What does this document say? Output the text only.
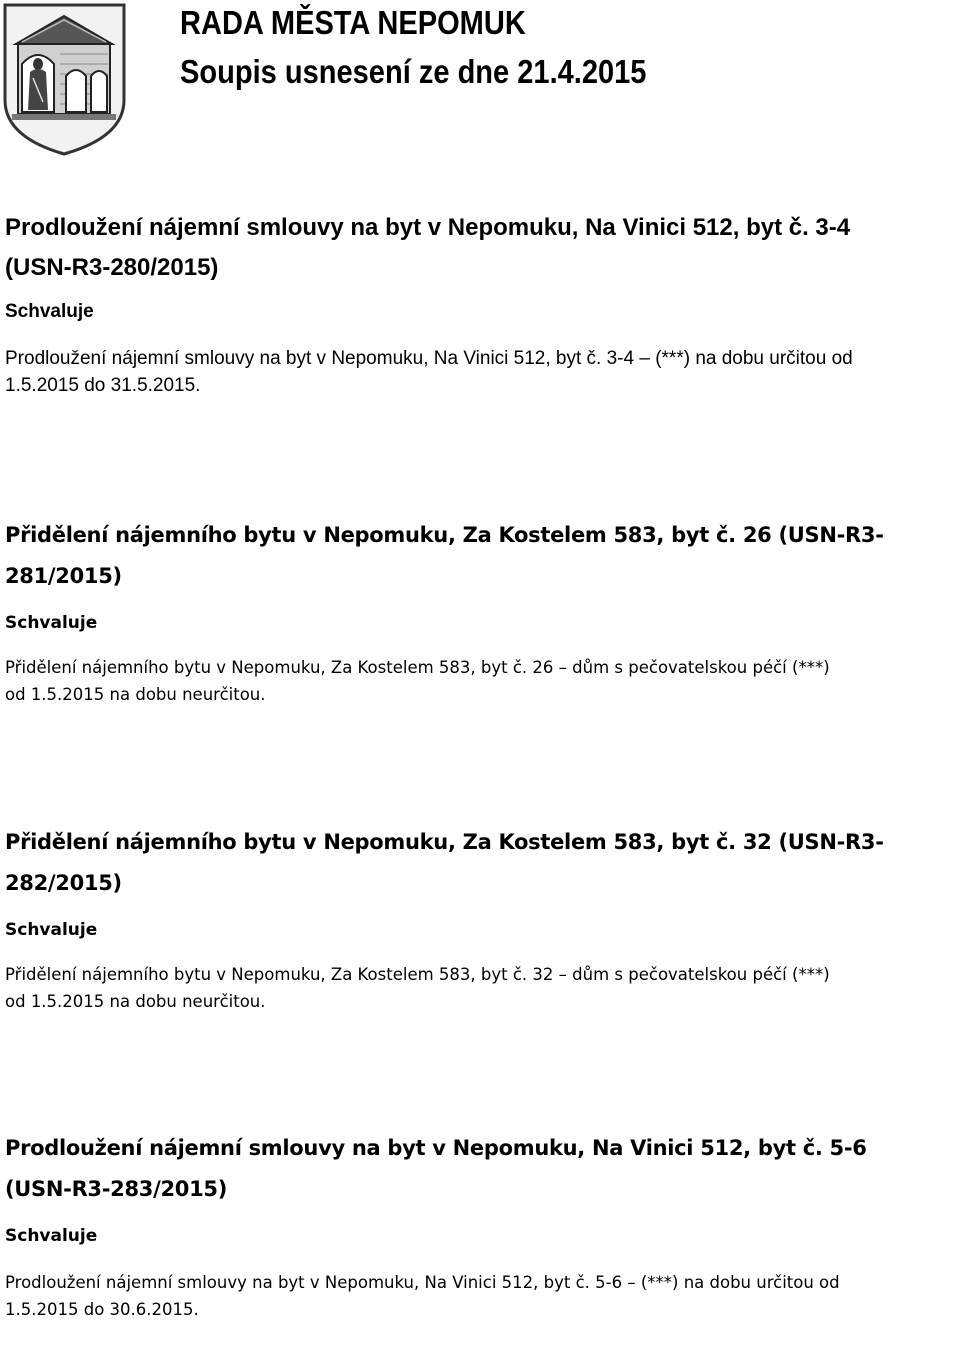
RADA MĚSTA NEPOMUK
Soupis usnesení ze dne 21.4.2015

Prodloužení nájemní smlouvy na byt v Nepomuku, Na Vinici 512, byt č. 3-4
(USN-R3-280/2015)

Schvaluje

Prodloužení nájemní smlouvy na byt v Nepomuku, Na Vinici 512, byt č. 3-4 – (***) na dobu určitou od
1.5.2015 do 31.5.2015.

Přidělení nájemního bytu v Nepomuku, Za Kostelem 583, byt č. 26 (USN-R3-
281/2015)

Schvaluje

Přidělení nájemního bytu v Nepomuku, Za Kostelem 583, byt č. 26 – dům s pečovatelskou péčí (***)
od 1.5.2015 na dobu neurčitou.

Přidělení nájemního bytu v Nepomuku, Za Kostelem 583, byt č. 32 (USN-R3-
282/2015)

Schvaluje

Přidělení nájemního bytu v Nepomuku, Za Kostelem 583, byt č. 32 – dům s pečovatelskou péčí (***)
od 1.5.2015 na dobu neurčitou.

Prodloužení nájemní smlouvy na byt v Nepomuku, Na Vinici 512, byt č. 5-6
(USN-R3-283/2015)

Schvaluje

Prodloužení nájemní smlouvy na byt v Nepomuku, Na Vinici 512, byt č. 5-6 – (***) na dobu určitou od
1.5.2015 do 30.6.2015.
